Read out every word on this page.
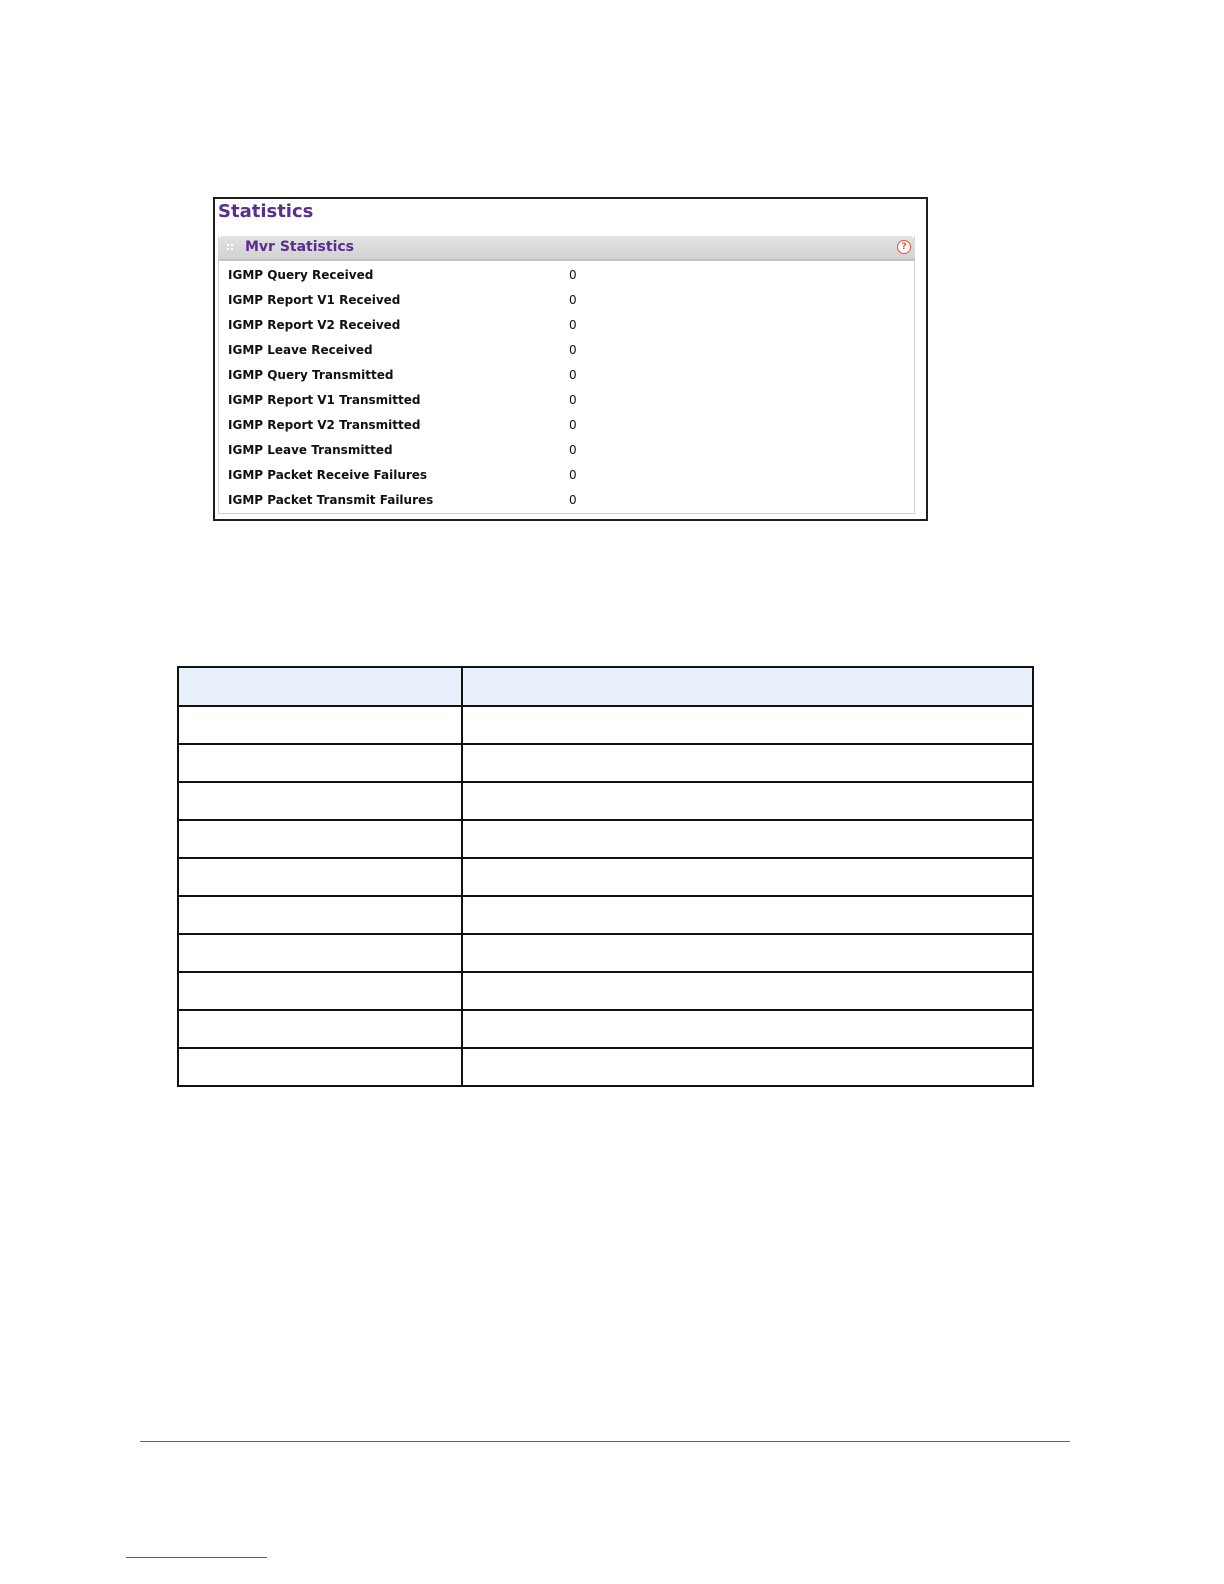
Statistics
Mvr Statistics	?
IGMP Query Received	0
IGMP Report V1 Received	0
IGMP Report V2 Received	0
IGMP Leave Received	0
IGMP Query Transmitted	0
IGMP Report V1 Transmitted	0
IGMP Report V2 Transmitted	0
IGMP Leave Transmitted	0
IGMP Packet Receive Failures	0
IGMP Packet Transmit Failures	0
